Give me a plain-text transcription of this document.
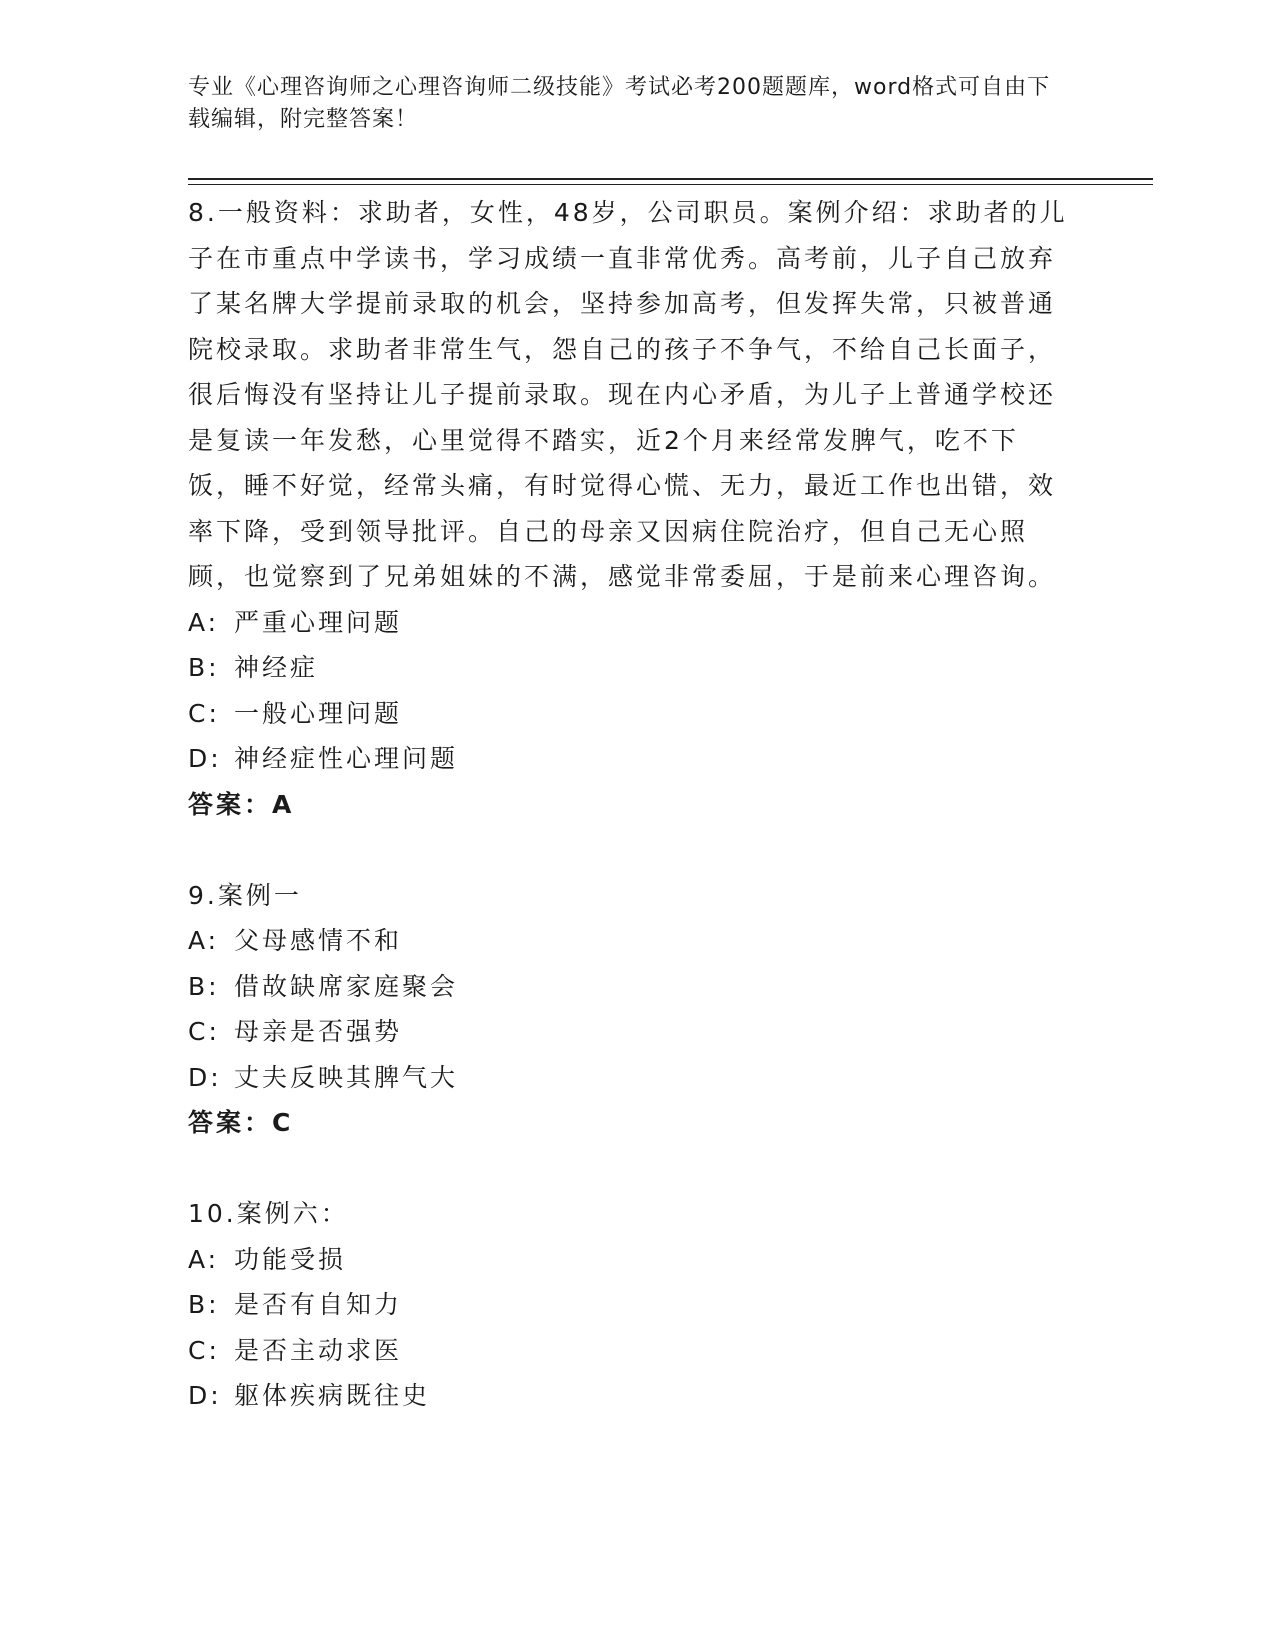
专业《心理咨询师之心理咨询师二级技能》考试必考200题题库，word格式可自由下载编辑，附完整答案！

8.一般资料：求助者，女性，48岁，公司职员。案例介绍：求助者的儿子在市重点中学读书，学习成绩一直非常优秀。高考前，儿子自己放弃了某名牌大学提前录取的机会，坚持参加高考，但发挥失常，只被普通院校录取。求助者非常生气，怨自己的孩子不争气，不给自己长面子，很后悔没有坚持让儿子提前录取。现在内心矛盾，为儿子上普通学校还是复读一年发愁，心里觉得不踏实，近2个月来经常发脾气，吃不下饭，睡不好觉，经常头痛，有时觉得心慌、无力，最近工作也出错，效率下降，受到领导批评。自己的母亲又因病住院治疗，但自己无心照顾，也觉察到了兄弟姐妹的不满，感觉非常委屈，于是前来心理咨询。

A: 严重心理问题

B: 神经症

C: 一般心理问题

D: 神经症性心理问题

答案：A

9.案例一

A: 父母感情不和

B: 借故缺席家庭聚会

C: 母亲是否强势

D: 丈夫反映其脾气大

答案：C

10.案例六：

A: 功能受损

B: 是否有自知力

C: 是否主动求医

D: 躯体疾病既往史
